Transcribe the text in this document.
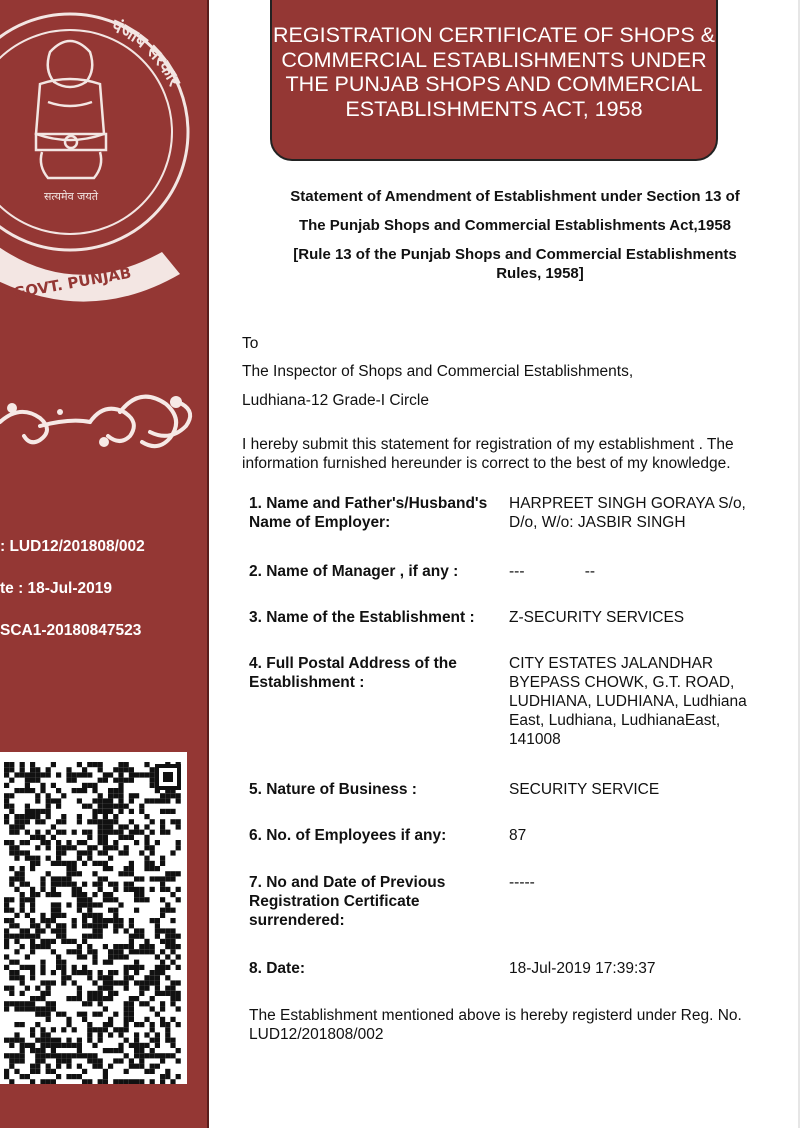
पंजाब सरकार
सत्यमेव जयते
GOVT. PUNJAB
: LUD12/201808/002
te : 18-Jul-2019
SCA1-20180847523
REGISTRATION CERTIFICATE OF SHOPS &
COMMERCIAL ESTABLISHMENTS UNDER
THE PUNJAB SHOPS AND COMMERCIAL
ESTABLISHMENTS ACT, 1958
Statement of Amendment of Establishment under Section 13 of
The Punjab Shops and Commercial Establishments Act,1958
[Rule 13 of the Punjab Shops and Commercial Establishments
Rules, 1958]
To
The Inspector of Shops and Commercial Establishments,
Ludhiana-12 Grade-I Circle
I hereby submit this statement for registration of my establishment . The
information furnished hereunder is correct to the best of my knowledge.
1. Name and Father's/Husband's Name of Employer:
HARPREET SINGH GORAYA S/o, D/o, W/o: JASBIR SINGH
2. Name of Manager , if any :	---              --
3. Name of the Establishment :	Z-SECURITY SERVICES
4. Full Postal Address of the Establishment :
CITY ESTATES JALANDHAR BYEPASS CHOWK, G.T. ROAD, LUDHIANA, LUDHIANA, Ludhiana East, Ludhiana, LudhianaEast, 141008
5. Nature of Business :	SECURITY SERVICE
6. No. of Employees if any:	87
7. No and Date of Previous Registration Certificate surrendered:
-----
8. Date:	18-Jul-2019 17:39:37
The Establishment mentioned above is hereby registerd under Reg. No.
LUD12/201808/002
